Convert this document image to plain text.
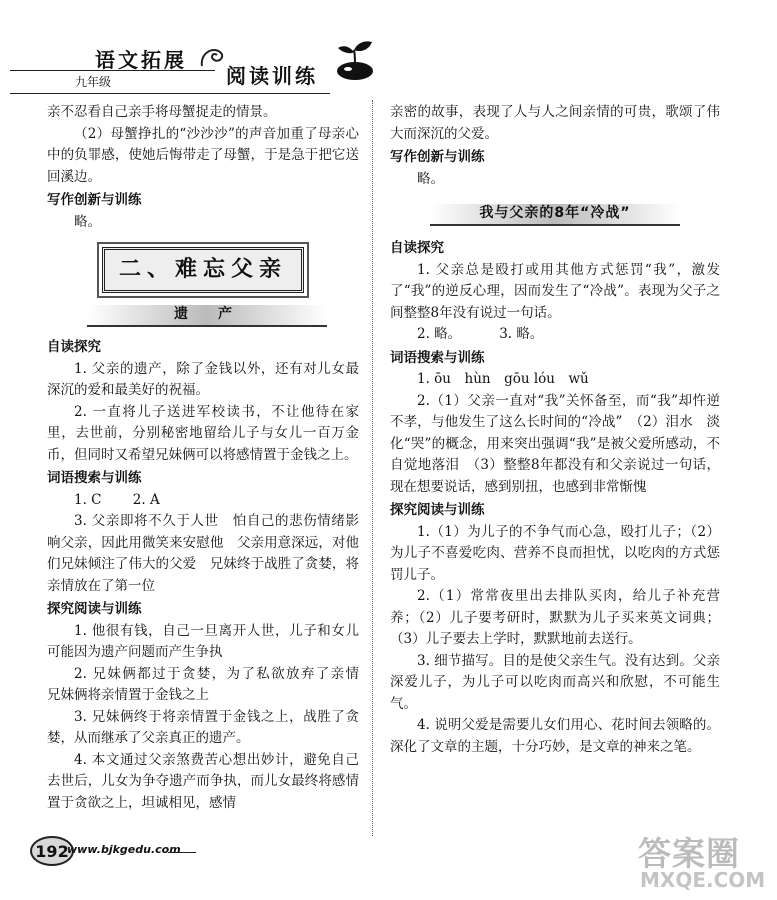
语文拓展
九年级	阅读训练

亲不忍看自己亲手将母蟹捉走的情景。

（2）母蟹挣扎的“沙沙沙”的声音加重了母亲心中的负罪感，使她后悔带走了母蟹，于是急于把它送回溪边。

写作创新与训练

略。

二、难忘父亲
遗　产

自读探究

1. 父亲的遗产，除了金钱以外，还有对儿女最深沉的爱和最美好的祝福。

2. 一直将儿子送进军校读书，不让他待在家里，去世前，分别秘密地留给儿子与女儿一百万金币，但同时又希望兄妹俩可以将感情置于金钱之上。

词语搜索与训练

1. C　　 2. A

3. 父亲即将不久于人世　怕自己的悲伤情绪影响父亲，因此用微笑来安慰他　父亲用意深远，对他们兄妹倾注了伟大的父爱　兄妹终于战胜了贪婪，将亲情放在了第一位

探究阅读与训练

1. 他很有钱，自己一旦离开人世，儿子和女儿可能因为遗产问题而产生争执

2. 兄妹俩都过于贪婪，为了私欲放弃了亲情　兄妹俩将亲情置于金钱之上

3. 兄妹俩终于将亲情置于金钱之上，战胜了贪婪，从而继承了父亲真正的遗产。

4. 本文通过父亲煞费苦心想出妙计，避免自己去世后，儿女为争夺遗产而争执，而儿女最终将感情置于贪欲之上，坦诚相见，感情

亲密的故事，表现了人与人之间亲情的可贵，歌颂了伟大而深沉的父爱。

写作创新与训练

略。

我与父亲的8年“冷战”

自读探究

1. 父亲总是殴打或用其他方式惩罚“我”，激发了“我”的逆反心理，因而发生了“冷战”。表现为父子之间整整8年没有说过一句话。

2. 略。　　　 3. 略。

词语搜索与训练

1. ōu　hùn　gōu lóu　wǔ

2.（1）父亲一直对“我”关怀备至，而“我”却忤逆不孝，与他发生了这么长时间的“冷战”　（2）泪水　淡化“哭”的概念，用来突出强调“我”是被父爱所感动，不自觉地落泪　（3）整整8年都没有和父亲说过一句话，现在想要说话，感到别扭，也感到非常惭愧

探究阅读与训练

1.（1）为儿子的不争气而心急，殴打儿子；（2）为儿子不喜爱吃肉、营养不良而担忧，以吃肉的方式惩罚儿子。

2.（1）常常夜里出去排队买肉，给儿子补充营养；（2）儿子要考研时，默默为儿子买来英文词典；（3）儿子要去上学时，默默地前去送行。

3. 细节描写。目的是使父亲生气。没有达到。父亲深爱儿子，为儿子可以吃肉而高兴和欣慰，不可能生气。

4. 说明父爱是需要儿女们用心、花时间去领略的。深化了文章的主题，十分巧妙，是文章的神来之笔。

192
www.bjkgedu.com	答案圈
MXQE.COM
